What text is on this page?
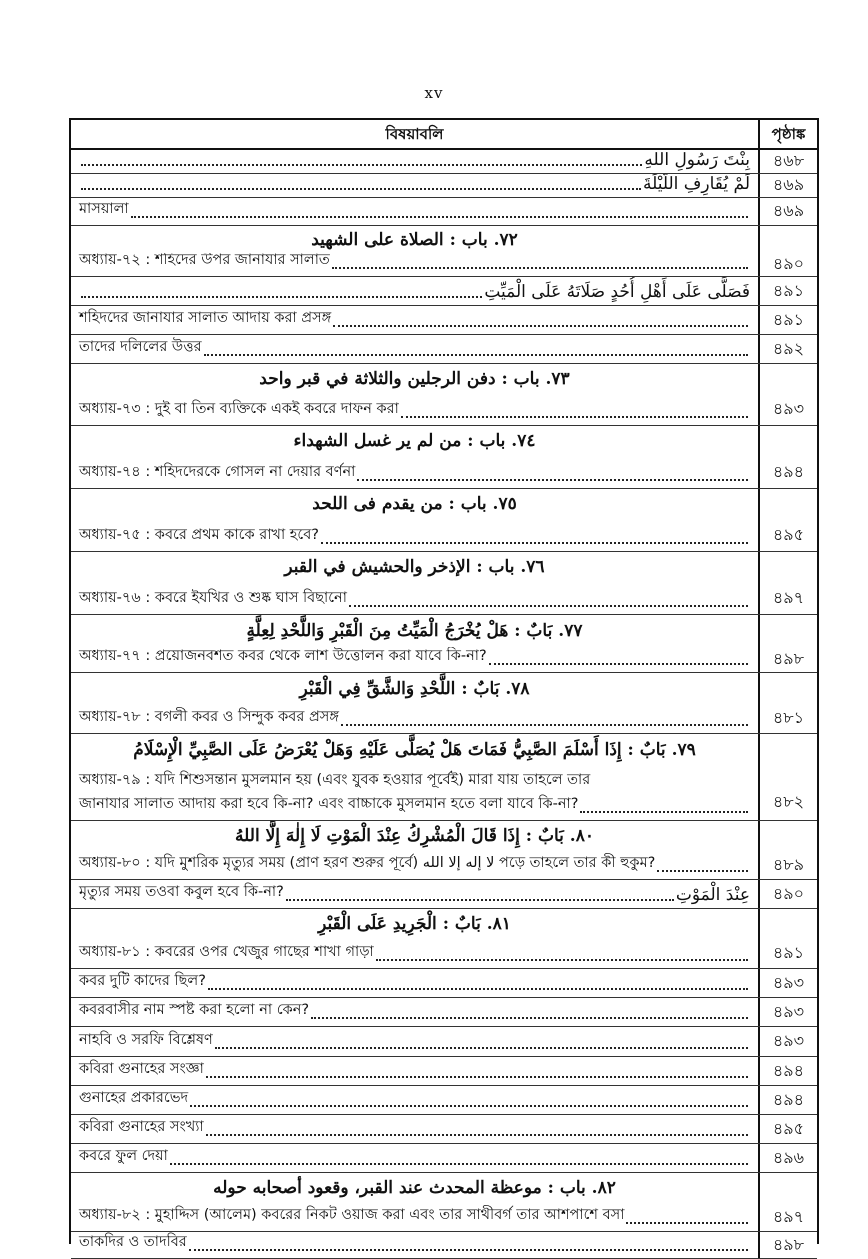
xv
বিষয়াবলি	পৃষ্ঠাঙ্ক
بِنْتَ رَسُولِ اللهِ	৪৬৮
لَمْ يُقَارِفِ اللَّيْلَةَ	৪৬৯
মাসয়ালা	৪৬৯
٧٢. باب : الصلاة على الشهيد
অধ্যায়-৭২ : শহিদের উপর জানাযার সালাত	৪৯০
فَصَلَّى عَلَى أَهْلِ أُحُدٍ صَلَاتَهُ عَلَى الْمَيِّتِ	৪৯১
শহিদদের জানাযার সালাত আদায় করা প্রসঙ্গ	৪৯১
তাদের দলিলের উত্তর	৪৯২
٧٣. باب : دفن الرجلين والثلاثة في قبر واحد
অধ্যায়-৭৩ : দুই বা তিন ব্যক্তিকে একই কবরে দাফন করা	৪৯৩
٧٤. باب : من لم ير غسل الشهداء
অধ্যায়-৭৪ : শহিদদেরকে গোসল না দেয়ার বর্ণনা	৪৯৪
٧٥. باب : من يقدم فى اللحد
অধ্যায়-৭৫ : কবরে প্রথম কাকে রাখা হবে?	৪৯৫
٧٦. باب : الإذخر والحشيش في القبر
অধ্যায়-৭৬ : কবরে ইযখির ও শুষ্ক ঘাস বিছানো	৪৯৭
٧٧. بَابٌ : هَلْ يُخْرَجُ الْمَيِّتُ مِنَ الْقَبْرِ وَاللَّحْدِ لِعِلَّةٍ
অধ্যায়-৭৭ : প্রয়োজনবশত কবর থেকে লাশ উত্তোলন করা যাবে কি-না?	৪৯৮
٧٨. بَابٌ : اللَّحْدِ وَالشَّقِّ فِي الْقَبْرِ
অধ্যায়-৭৮ : বগলী কবর ও সিন্দুক কবর প্রসঙ্গ	৪৮১
٧٩. بَابٌ : إِذَا أَسْلَمَ الصَّبِيُّ فَمَاتَ هَلْ يُصَلَّى عَلَيْهِ وَهَلْ يُعْرَضُ عَلَى الصَّبِيِّ الْإِسْلَامُ
অধ্যায়-৭৯ : যদি শিশুসন্তান মুসলমান হয় (এবং যুবক হওয়ার পূর্বেই) মারা যায় তাহলে তার
জানাযার সালাত আদায় করা হবে কি-না? এবং বাচ্চাকে মুসলমান হতে বলা যাবে কি-না?	৪৮২
٨٠. بَابٌ : إِذَا قَالَ الْمُشْرِكُ عِنْدَ الْمَوْتِ لَا إِلٰهَ إِلَّا اللهُ
অধ্যায়-৮০ : যদি মুশরিক মৃত্যুর সময় (প্রাণ হরণ শুরুর পূর্বে) لا إله إلا الله পড়ে তাহলে তার কী হুকুম?	৪৮৯
মৃত্যুর সময় তওবা কবুল হবে কি-না?	عِنْدَ الْمَوْتِ	৪৯০
٨١. بَابٌ : الْجَرِيدِ عَلَى الْقَبْرِ
অধ্যায়-৮১ : কবরের ওপর খেজুর গাছের শাখা গাড়া	৪৯১
কবর দুটি কাদের ছিল?	৪৯৩
কবরবাসীর নাম স্পষ্ট করা হলো না কেন?	৪৯৩
নাহবি ও সরফি বিশ্লেষণ	৪৯৩
কবিরা গুনাহের সংজ্ঞা	৪৯৪
গুনাহের প্রকারভেদ	৪৯৪
কবিরা গুনাহের সংখ্যা	৪৯৫
কবরে ফুল দেয়া	৪৯৬
٨٢. باب : موعظة المحدث عند القبر، وقعود أصحابه حوله
অধ্যায়-৮২ : মুহাদ্দিস (আলেম) কবরের নিকট ওয়াজ করা এবং তার সাথীবর্গ তার আশপাশে বসা	৪৯৭
তাকদির ও তাদবির	৪৯৮
